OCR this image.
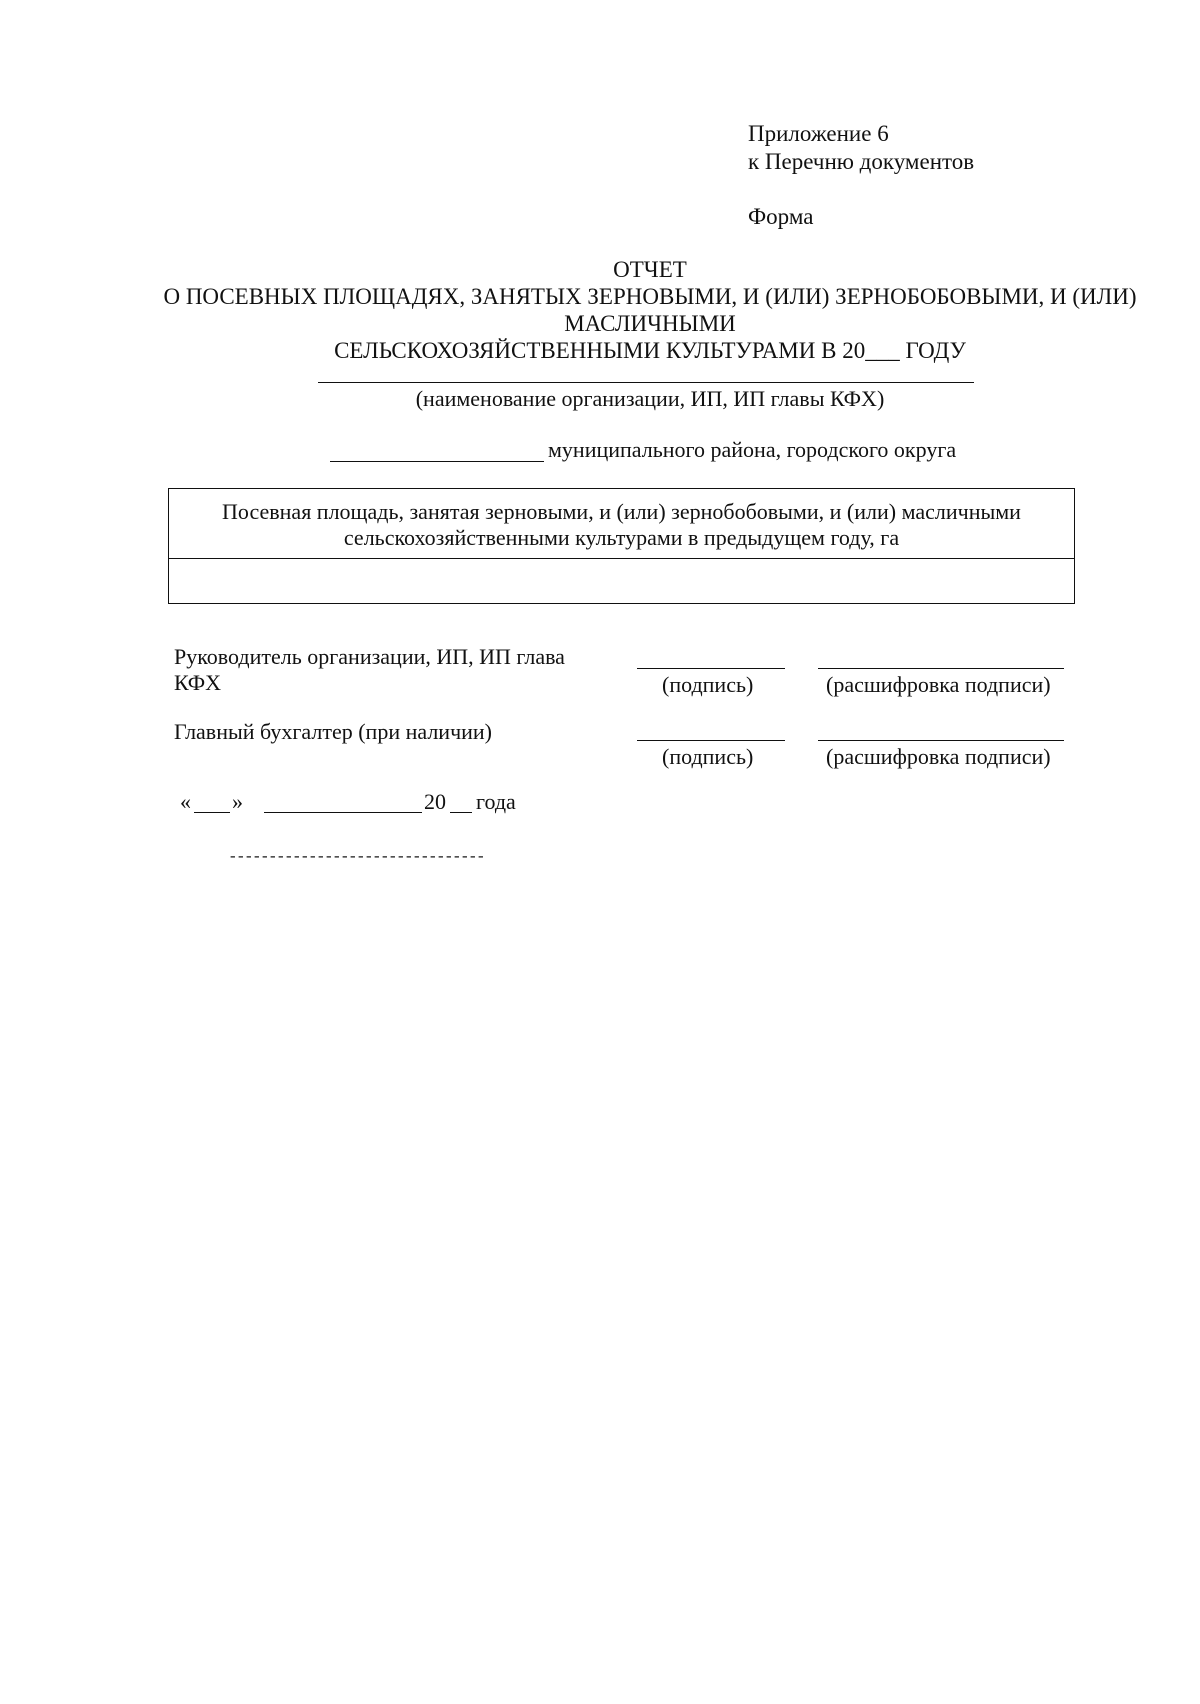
Приложение 6
к Перечню документов
Форма
ОТЧЕТ
О ПОСЕВНЫХ ПЛОЩАДЯХ, ЗАНЯТЫХ ЗЕРНОВЫМИ, И (ИЛИ) ЗЕРНОБОБОВЫМИ, И (ИЛИ)
МАСЛИЧНЫМИ
СЕЛЬСКОХОЗЯЙСТВЕННЫМИ КУЛЬТУРАМИ В 20___ ГОДУ
(наименование организации, ИП, ИП главы КФХ)
муниципального района, городского округа
Посевная площадь, занятая зерновыми, и (или) зернобобовыми, и (или) масличными
сельскохозяйственными культурами в предыдущем году, га
Руководитель организации, ИП, ИП глава
КФХ	(подпись)	(расшифровка подписи)
Главный бухгалтер (при наличии)
(подпись)	(расшифровка подписи)
« »	20 года
--------------------------------
